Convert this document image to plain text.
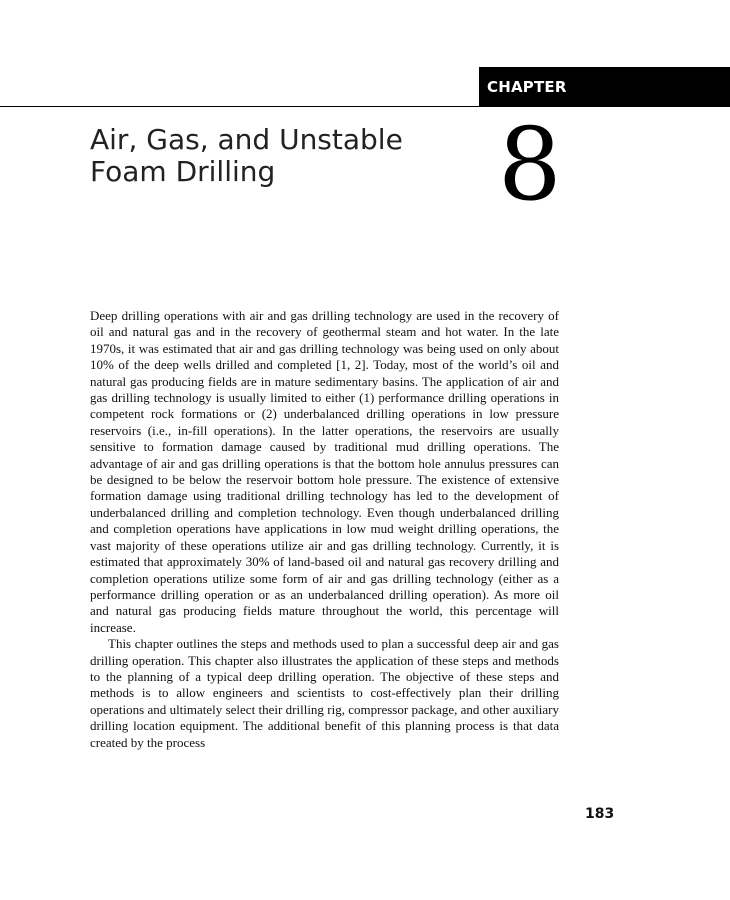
CHAPTER
Air, Gas, and Unstable
Foam Drilling	8

Deep drilling operations with air and gas drilling technology are used in the recovery of oil and natural gas and in the recovery of geothermal steam and hot water. In the late 1970s, it was estimated that air and gas drilling technology was being used on only about 10% of the deep wells drilled and completed [1, 2]. Today, most of the world’s oil and natural gas producing fields are in mature sedimentary basins. The application of air and gas drilling technology is usually limited to either (1) performance drilling operations in competent rock formations or (2) underbalanced drilling operations in low pressure reservoirs (i.e., in-fill operations). In the latter operations, the reservoirs are usually sensitive to formation damage caused by traditional mud drilling operations. The advantage of air and gas drilling operations is that the bottom hole annulus pressures can be designed to be below the reservoir bottom hole pressure. The existence of extensive formation damage using traditional drilling technology has led to the development of underbalanced drilling and completion technology. Even though underbalanced drilling and completion operations have applications in low mud weight drilling operations, the vast majority of these operations utilize air and gas drilling technology. Currently, it is estimated that approximately 30% of land-based oil and natural gas recovery drilling and completion operations utilize some form of air and gas drilling technology (either as a performance drilling operation or as an underbalanced drilling operation). As more oil and natural gas producing fields mature throughout the world, this percentage will increase.

This chapter outlines the steps and methods used to plan a successful deep air and gas drilling operation. This chapter also illustrates the application of these steps and methods to the planning of a typical deep drilling operation. The objective of these steps and methods is to allow engineers and scientists to cost-effectively plan their drilling operations and ultimately select their drilling rig, compressor package, and other auxiliary drilling location equipment. The additional benefit of this planning process is that data created by the process

183
